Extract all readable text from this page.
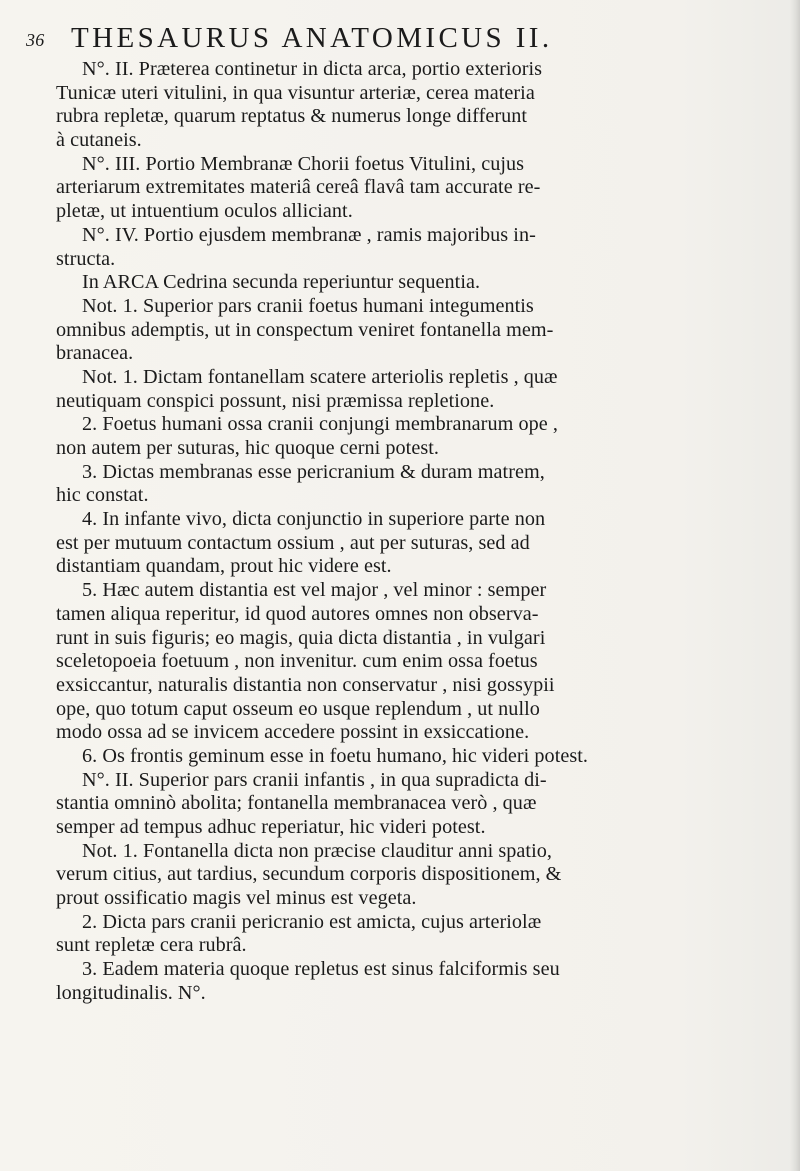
36 THESAURUS ANATOMICUS II.
N°. II. Præterea continetur in dicta arca, portio exterioris
Tunicæ uteri vitulini, in qua visuntur arteriæ, cerea materia
rubra repletæ, quarum reptatus & numerus longe differunt
à cutaneis.
N°. III. Portio Membranæ Chorii foetus Vitulini, cujus
arteriarum extremitates materiâ cereâ flavâ tam accurate re-
pletæ, ut intuentium oculos alliciant.
N°. IV. Portio ejusdem membranæ , ramis majoribus in-
structa.
In ARCA Cedrina secunda reperiuntur sequentia.
Not. 1. Superior pars cranii foetus humani integumentis
omnibus ademptis, ut in conspectum veniret fontanella mem-
branacea.
Not. 1. Dictam fontanellam scatere arteriolis repletis , quæ
neutiquam conspici possunt, nisi præmissa repletione.
2. Foetus humani ossa cranii conjungi membranarum ope ,
non autem per suturas, hic quoque cerni potest.
3. Dictas membranas esse pericranium & duram matrem,
hic constat.
4. In infante vivo, dicta conjunctio in superiore parte non
est per mutuum contactum ossium , aut per suturas, sed ad
distantiam quandam, prout hic videre est.
5. Hæc autem distantia est vel major , vel minor : semper
tamen aliqua reperitur, id quod autores omnes non observa-
runt in suis figuris; eo magis, quia dicta distantia , in vulgari
sceletopoeia foetuum , non invenitur. cum enim ossa foetus
exsiccantur, naturalis distantia non conservatur , nisi gossypii
ope, quo totum caput osseum eo usque replendum , ut nullo
modo ossa ad se invicem accedere possint in exsiccatione.
6. Os frontis geminum esse in foetu humano, hic videri potest.
N°. II. Superior pars cranii infantis , in qua supradicta di-
stantia omninò abolita; fontanella membranacea verò , quæ
semper ad tempus adhuc reperiatur, hic videri potest.
Not. 1. Fontanella dicta non præcise clauditur anni spatio,
verum citius, aut tardius, secundum corporis dispositionem, &
prout ossificatio magis vel minus est vegeta.
2. Dicta pars cranii pericranio est amicta, cujus arteriolæ
sunt repletæ cera rubrâ.
3. Eadem materia quoque repletus est sinus falciformis seu
longitudinalis. N°.
